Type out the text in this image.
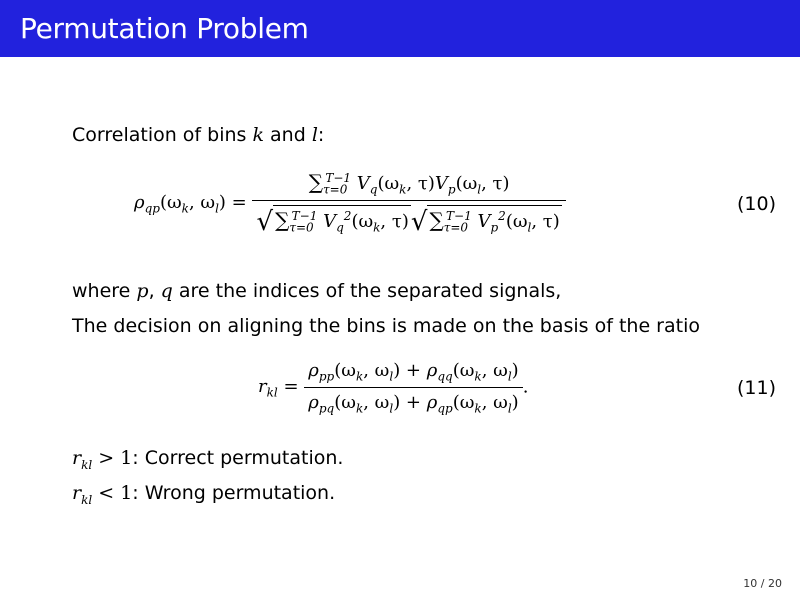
Permutation Problem
Correlation of bins k and l:
$\rho_{qp}(\omega_k$, $\omega_l) = \frac{\sum_{\tau=0}^{T-1} V_q(\omega_k, \tau)V_p(\omega_l, \tau)}{√ \sum_{\tau=0}^{T-1} V_q^2(\omega_k, \tau)√ \sum_{\tau=0}^{T-1} V_p^2(\omega_l, \tau)}$	(10)
where p, q are the indices of the separated signals,
The decision on aligning the bins is made on the basis of the ratio
$r_{kl} = \frac{\rho_{pp}(\omega_k, \omega_l) + \rho_{qq}(\omega_k, \omega_l)}{\rho_{pq}(\omega_k, \omega_l) + \rho_{qp}(\omega_k, \omega_l)}$ .	(11)
$r_{kl} > 1$: Correct permutation.
$r_{kl} < 1$: Wrong permutation.
10 / 20
